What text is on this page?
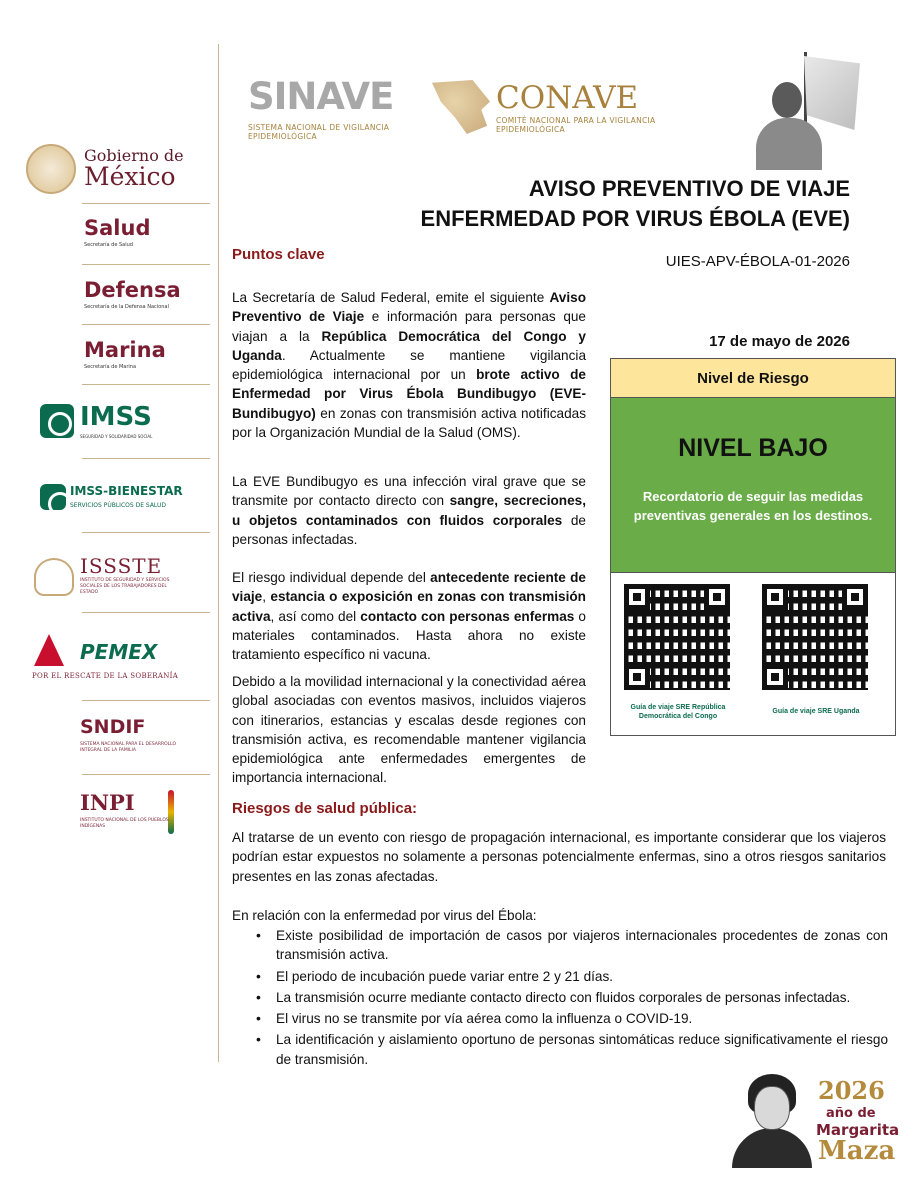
Gobierno de
México
Salud
Secretaría de Salud
Defensa
Secretaría de la Defensa Nacional
Marina
Secretaría de Marina
IMSS
SEGURIDAD Y SOLIDARIDAD SOCIAL
IMSS-BIENESTAR
SERVICIOS PÚBLICOS DE SALUD
ISSSTE
INSTITUTO DE SEGURIDAD Y SERVICIOS SOCIALES DE LOS TRABAJADORES DEL ESTADO
PEMEX
POR EL RESCATE DE LA SOBERANÍA
SNDIF
SISTEMA NACIONAL PARA EL DESARROLLO INTEGRAL DE LA FAMILIA
INPI
INSTITUTO NACIONAL DE LOS PUEBLOS INDÍGENAS
SINAVE
SISTEMA NACIONAL DE VIGILANCIA EPIDEMIOLÓGICA
CONAVE
COMITÉ NACIONAL PARA LA VIGILANCIA EPIDEMIOLÓGICA
AVISO PREVENTIVO DE VIAJE
ENFERMEDAD POR VIRUS ÉBOLA (EVE)
UIES-APV-ÉBOLA-01-2026
17 de mayo de 2026
Nivel de Riesgo
NIVEL BAJO
Recordatorio de seguir las medidas preventivas generales en los destinos.
Guía de viaje SRE República Democrática del Congo
Guía de viaje SRE Uganda
Puntos clave
La Secretaría de Salud Federal, emite el siguiente Aviso Preventivo de Viaje e información para personas que viajan a la República Democrática del Congo y Uganda. Actualmente se mantiene vigilancia epidemiológica internacional por un brote activo de Enfermedad por Virus Ébola Bundibugyo (EVE-Bundibugyo) en zonas con transmisión activa notificadas por la Organización Mundial de la Salud (OMS).
La EVE Bundibugyo es una infección viral grave que se transmite por contacto directo con sangre, secreciones, u objetos contaminados con fluidos corporales de personas infectadas.
El riesgo individual depende del antecedente reciente de viaje, estancia o exposición en zonas con transmisión activa, así como del contacto con personas enfermas o materiales contaminados. Hasta ahora no existe tratamiento específico ni vacuna.
Debido a la movilidad internacional y la conectividad aérea global asociadas con eventos masivos, incluidos viajeros con itinerarios, estancias y escalas desde regiones con transmisión activa, es recomendable mantener vigilancia epidemiológica ante enfermedades emergentes de importancia internacional.
Riesgos de salud pública:
Al tratarse de un evento con riesgo de propagación internacional, es importante considerar que los viajeros podrían estar expuestos no solamente a personas potencialmente enfermas, sino a otros riesgos sanitarios presentes en las zonas afectadas.
En relación con la enfermedad por virus del Ébola:
• Existe posibilidad de importación de casos por viajeros internacionales procedentes de zonas con transmisión activa.
• El periodo de incubación puede variar entre 2 y 21 días.
• La transmisión ocurre mediante contacto directo con fluidos corporales de personas infectadas.
• El virus no se transmite por vía aérea como la influenza o COVID-19.
• La identificación y aislamiento oportuno de personas sintomáticas reduce significativamente el riesgo de transmisión.
2026
año de
Margarita
Maza
